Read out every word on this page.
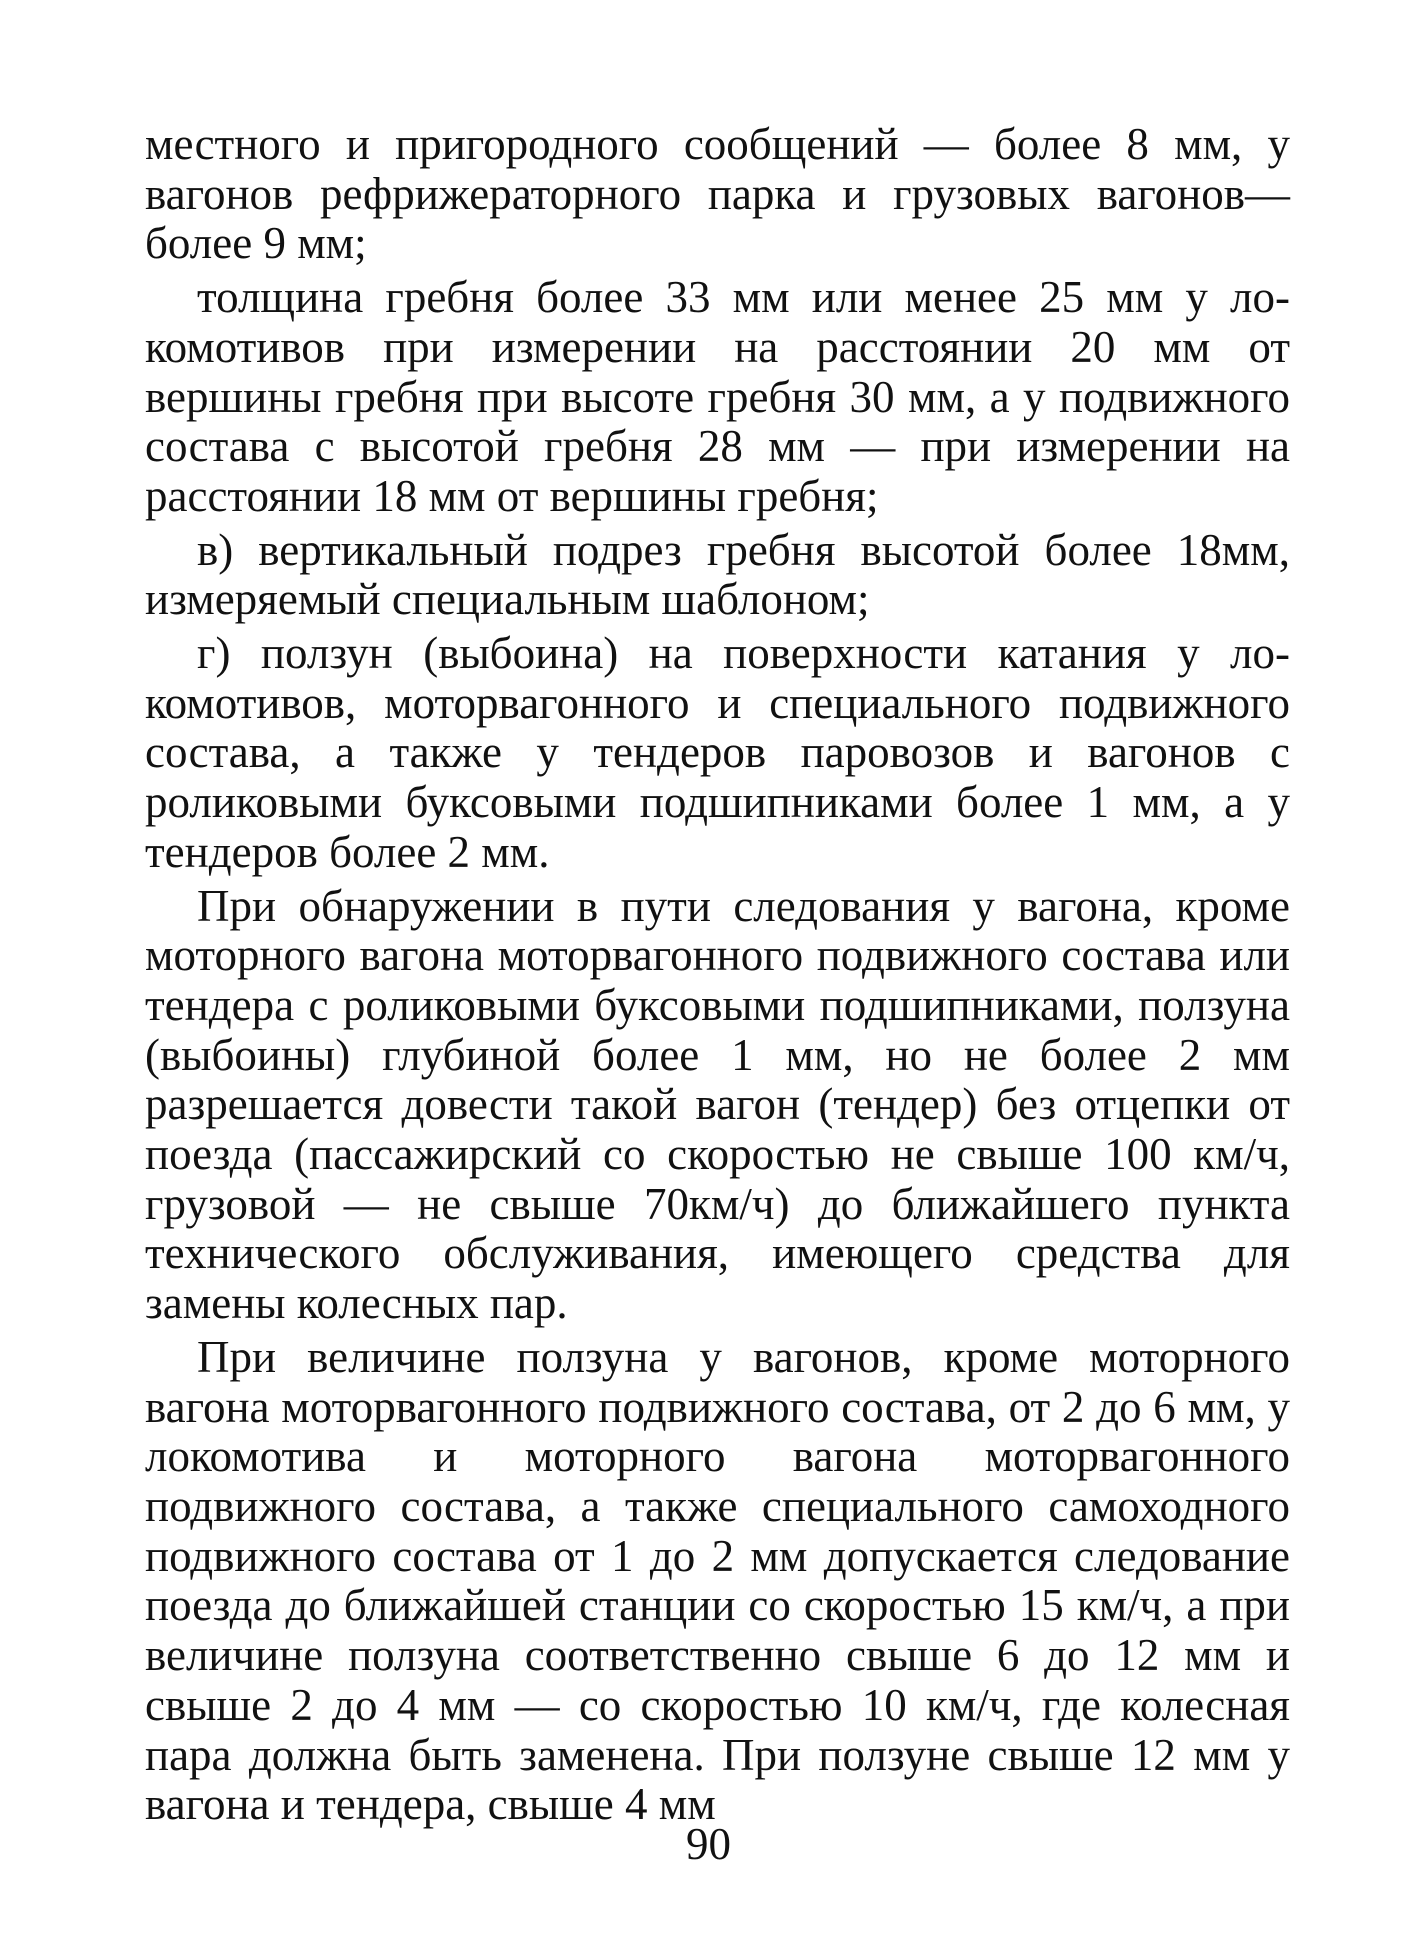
местного и пригородного сообщений — более 8 мм, у вагонов рефрижераторного парка и грузовых вагонов— более 9 мм;

толщина гребня более 33 мм или менее 25 мм у локомотивов при измерении на расстоянии 20 мм от вершины гребня при высоте гребня 30 мм, а у подвижного состава с высотой гребня 28 мм — при измерении на расстоянии 18 мм от вершины гребня;

в) вертикальный подрез гребня высотой более 18мм, измеряемый специальным шаблоном;

г) ползун (выбоина) на поверхности катания у локомотивов, моторвагонного и специального подвижного состава, а также у тендеров паровозов и вагонов с роликовыми буксовыми подшипниками более 1 мм, а у тендеров более 2 мм.

При обнаружении в пути следования у вагона, кроме моторного вагона моторвагонного подвижного состава или тендера с роликовыми буксовыми подшипниками, ползуна (выбоины) глубиной более 1 мм, но не более 2 мм разрешается довести такой вагон (тендер) без отцепки от поезда (пассажирский со скоростью не свыше 100 км/ч, грузовой — не свыше 70км/ч) до ближайшего пункта технического обслуживания, имеющего средства для замены колесных пар.

При величине ползуна у вагонов, кроме моторного вагона моторвагонного подвижного состава, от 2 до 6 мм, у локомотива и моторного вагона моторвагонного подвижного состава, а также специального самоходного подвижного состава от 1 до 2 мм допускается следование поезда до ближайшей станции со скоростью 15 км/ч, а при величине ползуна соответственно свыше 6 до 12 мм и свыше 2 до 4 мм — со скоростью 10 км/ч, где колесная пара должна быть заменена. При ползуне свыше 12 мм у вагона и тендера, свыше 4 мм

90
